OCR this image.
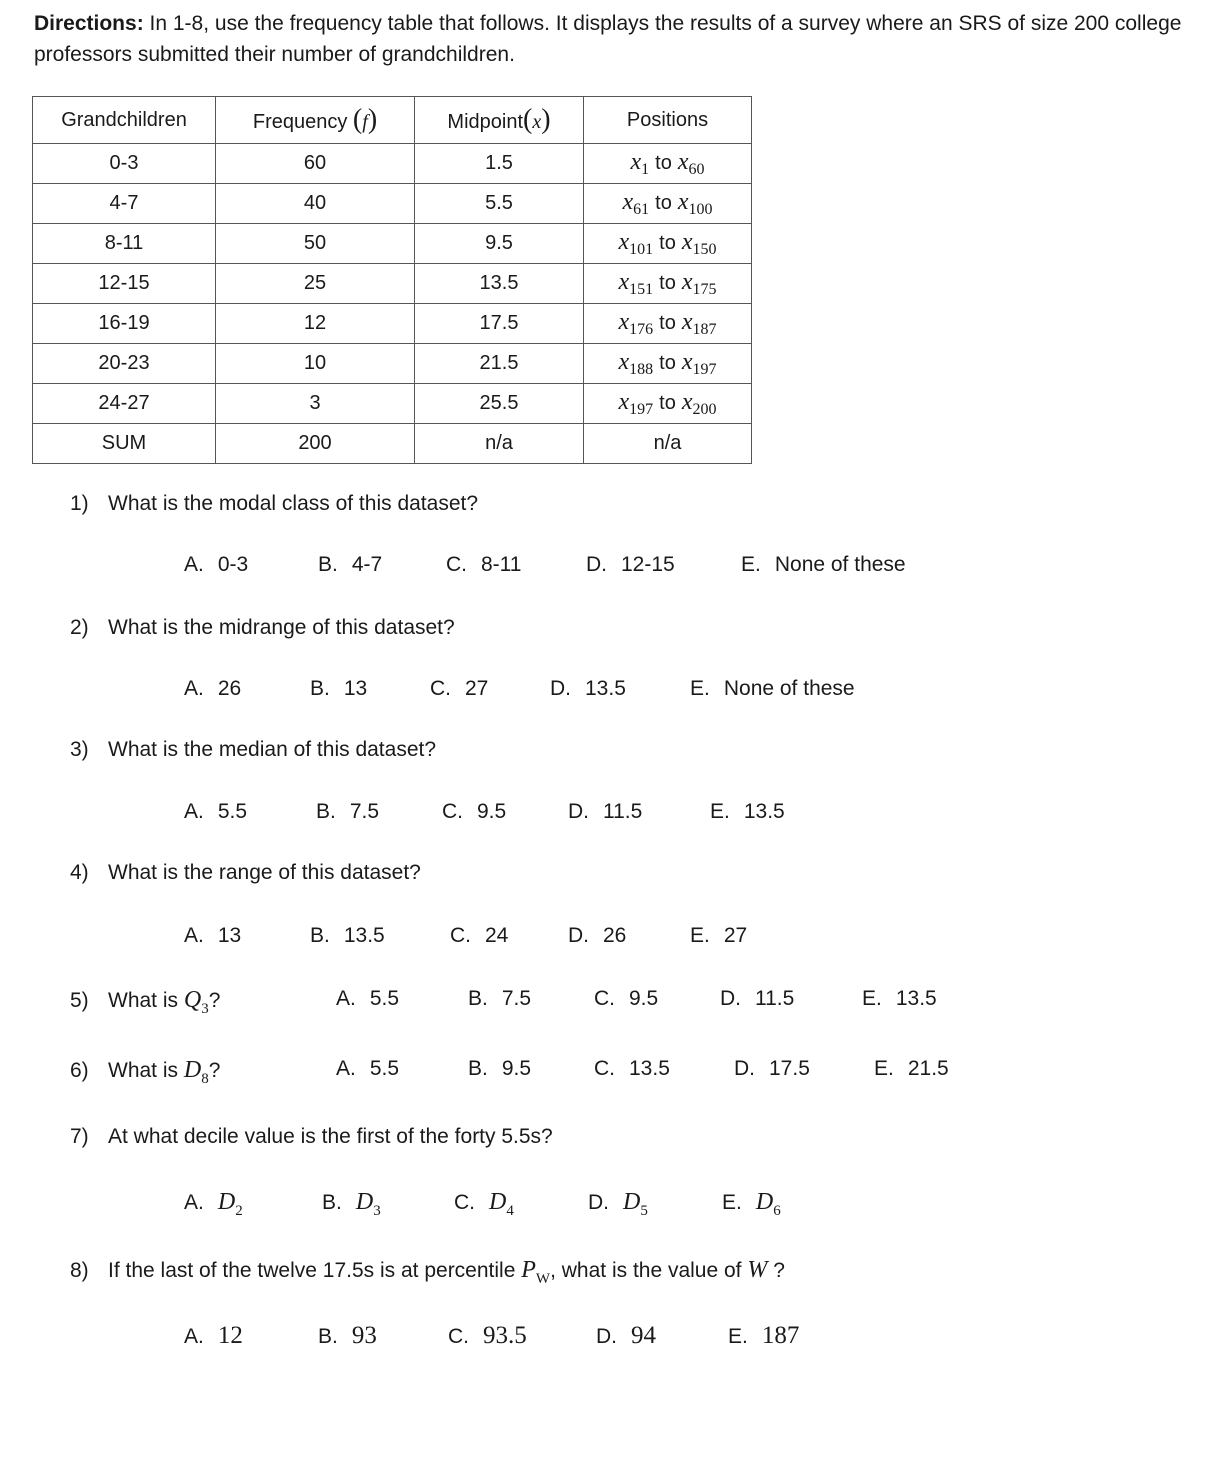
Directions: In 1-8, use the frequency table that follows. It displays the results of a survey where an SRS of size 200 college professors submitted their number of grandchildren.
Grandchildren	Frequency (f)	Midpoint(x)	Positions
0-3	60	1.5	$x_1$ to $x_{60}$
4-7	40	5.5	$x_{61}$ to $x_{100}$
8-11	50	9.5	$x_{101}$ to $x_{150}$
12-15	25	13.5	$x_{151}$ to $x_{175}$
16-19	12	17.5	$x_{176}$ to $x_{187}$
20-23	10	21.5	$x_{188}$ to $x_{197}$
24-27	3	25.5	$x_{197}$ to $x_{200}$
SUM	200	n/a	n/a
1) What is the modal class of this dataset?
A. 0-3	B. 4-7	C. 8-11	D. 12-15	E. None of these
2) What is the midrange of this dataset?
A. 26	B. 13	C. 27	D. 13.5	E. None of these
3) What is the median of this dataset?
A. 5.5	B. 7.5	C. 9.5	D. 11.5	E. 13.5
4) What is the range of this dataset?
A. 13	B. 13.5	C. 24	D. 26	E. 27
5) What is $Q_3$?	A. 5.5	B. 7.5	C. 9.5	D. 11.5	E. 13.5
6) What is $D_8$?	A. 5.5	B. 9.5	C. 13.5	D. 17.5	E. 21.5
7) At what decile value is the first of the forty 5.5s?
A. $D_2$	B. $D_3$	C. $D_4$	D. $D_5$	E. $D_6$
8) If the last of the twelve 17.5s is at percentile $P_W$, what is the value of W ?
A. 12	B. 93	C. 93.5	D. 94	E. 187
